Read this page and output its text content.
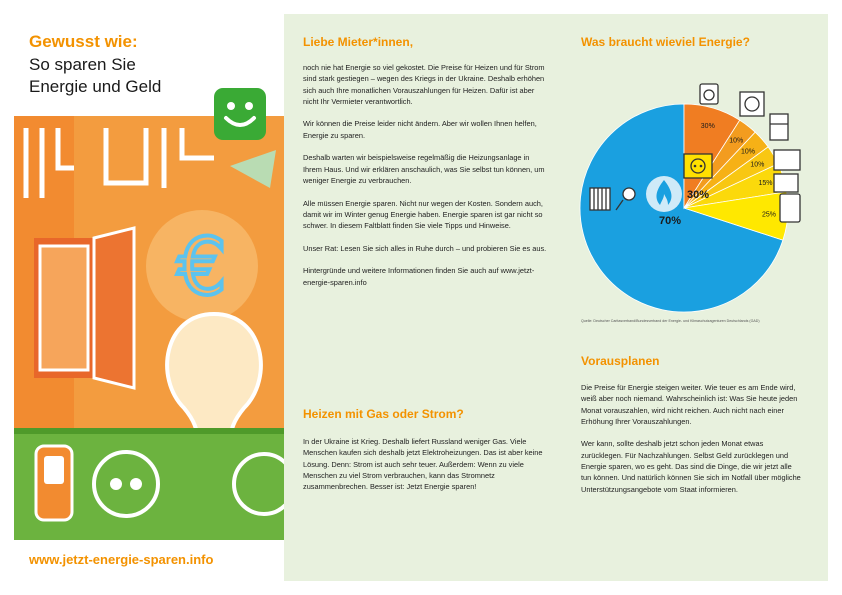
Gewusst wie:
So sparen Sie
Energie und Geld
€
www.jetzt-energie-sparen.info
Liebe Mieter*innen,

noch nie hat Energie so viel gekostet. Die Preise für Heizen und für Strom sind stark gestiegen – wegen des Kriegs in der Ukraine. Deshalb erhöhen sich auch Ihre monatlichen Vorauszahlungen für Heizen. Dafür ist aber nicht Ihr Vermieter verantwortlich.

Wir können die Preise leider nicht ändern. Aber wir wollen Ihnen helfen, Energie zu sparen.

Deshalb warten wir beispielsweise regelmäßig die Heizungsanlage in Ihrem Haus. Und wir erklären anschaulich, was Sie selbst tun können, um weniger Energie zu verbrauchen.

Alle müssen Energie sparen. Nicht nur wegen der Kosten. Sondern auch, damit wir im Winter genug Energie haben. Energie sparen ist gar nicht so schwer. In diesem Faltblatt finden Sie viele Tipps und Hinweise.

Unser Rat: Lesen Sie sich alles in Ruhe durch – und probieren Sie es aus.

Hintergründe und weitere Informationen finden Sie auch auf www.jetzt-energie-sparen.info

Heizen mit Gas oder Strom?

In der Ukraine ist Krieg. Deshalb liefert Russland weniger Gas. Viele Menschen kaufen sich deshalb jetzt Elektroheizungen. Das ist aber keine Lösung. Denn: Strom ist auch sehr teuer. Außerdem: Wenn zu viele Menschen zu viel Strom verbrauchen, kann das Stromnetz zusammenbrechen. Besser ist: Jetzt Energie sparen!

Was braucht wieviel Energie?
30%
10%
10%
10%
15%
25%
70%
30%
Quelle: Deutscher Caritasverband/Bundesverband der Energie- und Klimaschutzagenturen Deutschlands (GAD)
Vorausplanen

Die Preise für Energie steigen weiter. Wie teuer es am Ende wird, weiß aber noch niemand. Wahrscheinlich ist: Was Sie heute jeden Monat vorauszahlen, wird nicht reichen. Auch nicht nach einer Erhöhung Ihrer Vorauszahlungen.

Wer kann, sollte deshalb jetzt schon jeden Monat etwas zurücklegen. Für Nachzahlungen. Selbst Geld zurücklegen und Energie sparen, wo es geht. Das sind die Dinge, die wir jetzt alle tun können. Und natürlich können Sie sich im Notfall über mögliche Unterstützungsangebote vom Staat informieren.
